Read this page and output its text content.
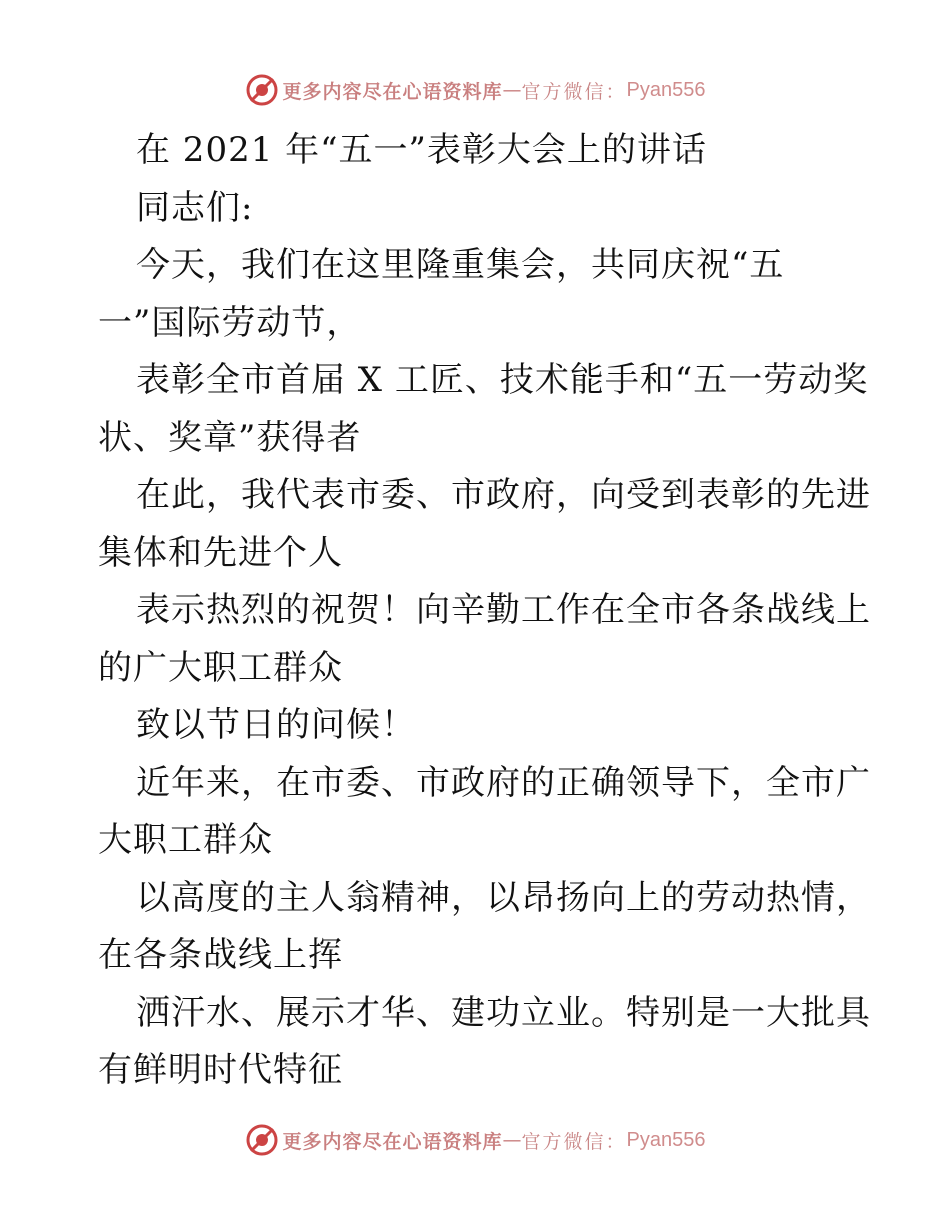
更多内容尽在心语资料库 — 官方微信： Pyan556
在 2021 年“五一”表彰大会上的讲话
同志们:
今天，我们在这里隆重集会，共同庆祝“五
一”国际劳动节，
表彰全市首届 X 工匠、技术能手和“五一劳动奖
状、奖章”获得者
在此，我代表市委、市政府，向受到表彰的先进
集体和先进个人
表示热烈的祝贺！向辛勤工作在全市各条战线上
的广大职工群众
致以节日的问候！
近年来，在市委、市政府的正确领导下，全市广
大职工群众
以高度的主人翁精神，以昂扬向上的劳动热情，
在各条战线上挥
洒汗水、展示才华、建功立业。特别是一大批具
有鲜明时代特征
更多内容尽在心语资料库 — 官方微信： Pyan556
